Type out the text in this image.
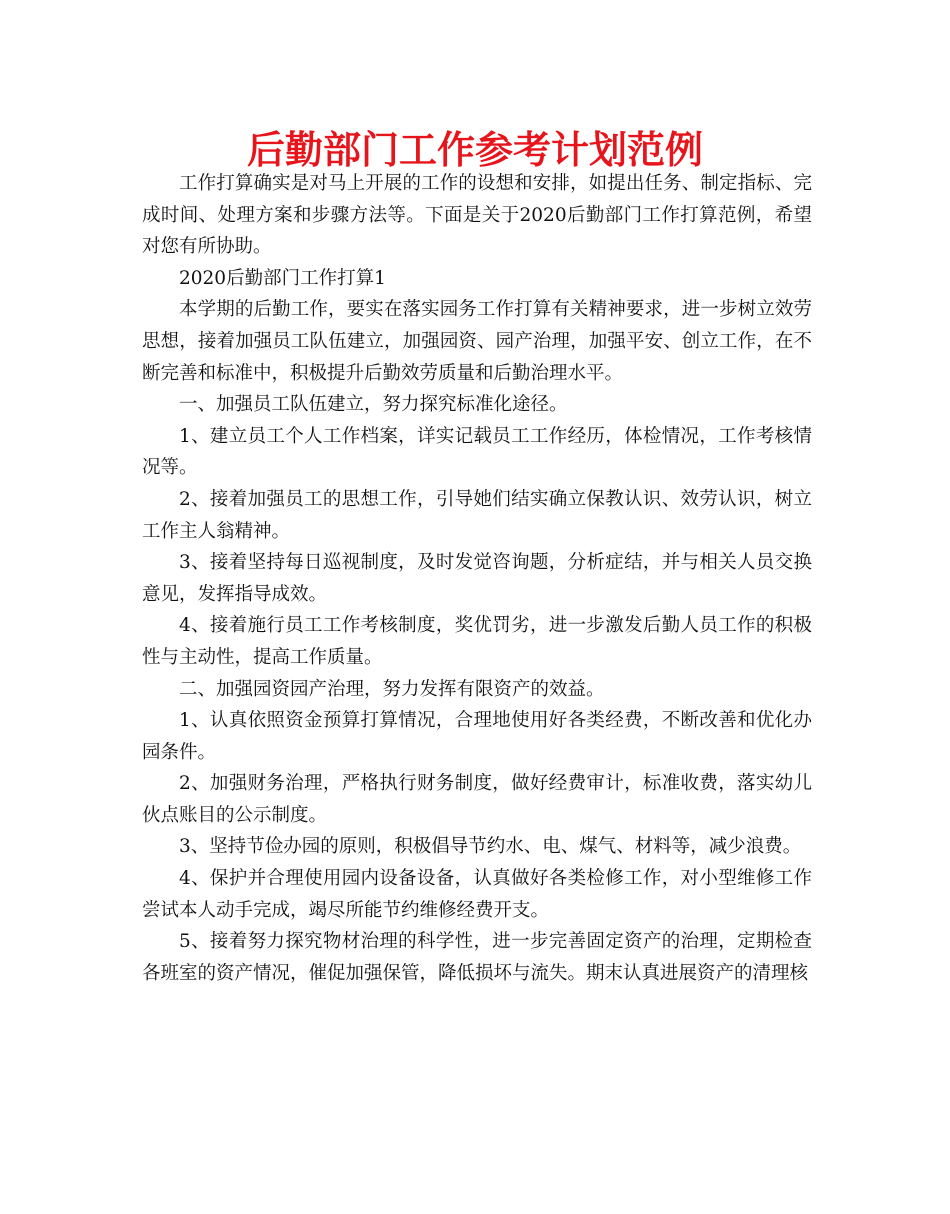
后勤部门工作参考计划范例

工作打算确实是对马上开展的工作的设想和安排，如提出任务、制定指标、完成时间、处理方案和步骤方法等。下面是关于2020后勤部门工作打算范例，希望对您有所协助。

2020后勤部门工作打算1

本学期的后勤工作，要实在落实园务工作打算有关精神要求，进一步树立效劳思想，接着加强员工队伍建立，加强园资、园产治理，加强平安、创立工作，在不断完善和标准中，积极提升后勤效劳质量和后勤治理水平。

一、加强员工队伍建立，努力探究标准化途径。

1、建立员工个人工作档案，详实记载员工工作经历，体检情况，工作考核情况等。

2、接着加强员工的思想工作，引导她们结实确立保教认识、效劳认识，树立工作主人翁精神。

3、接着坚持每日巡视制度，及时发觉咨询题，分析症结，并与相关人员交换意见，发挥指导成效。

4、接着施行员工工作考核制度，奖优罚劣，进一步激发后勤人员工作的积极性与主动性，提高工作质量。

二、加强园资园产治理，努力发挥有限资产的效益。

1、认真依照资金预算打算情况，合理地使用好各类经费，不断改善和优化办园条件。

2、加强财务治理，严格执行财务制度，做好经费审计，标准收费，落实幼儿伙点账目的公示制度。

3、坚持节俭办园的原则，积极倡导节约水、电、煤气、材料等，减少浪费。

4、保护并合理使用园内设备设备，认真做好各类检修工作，对小型维修工作尝试本人动手完成，竭尽所能节约维修经费开支。

5、接着努力探究物材治理的科学性，进一步完善固定资产的治理，定期检查各班室的资产情况，催促加强保管，降低损坏与流失。期末认真进展资产的清理核
